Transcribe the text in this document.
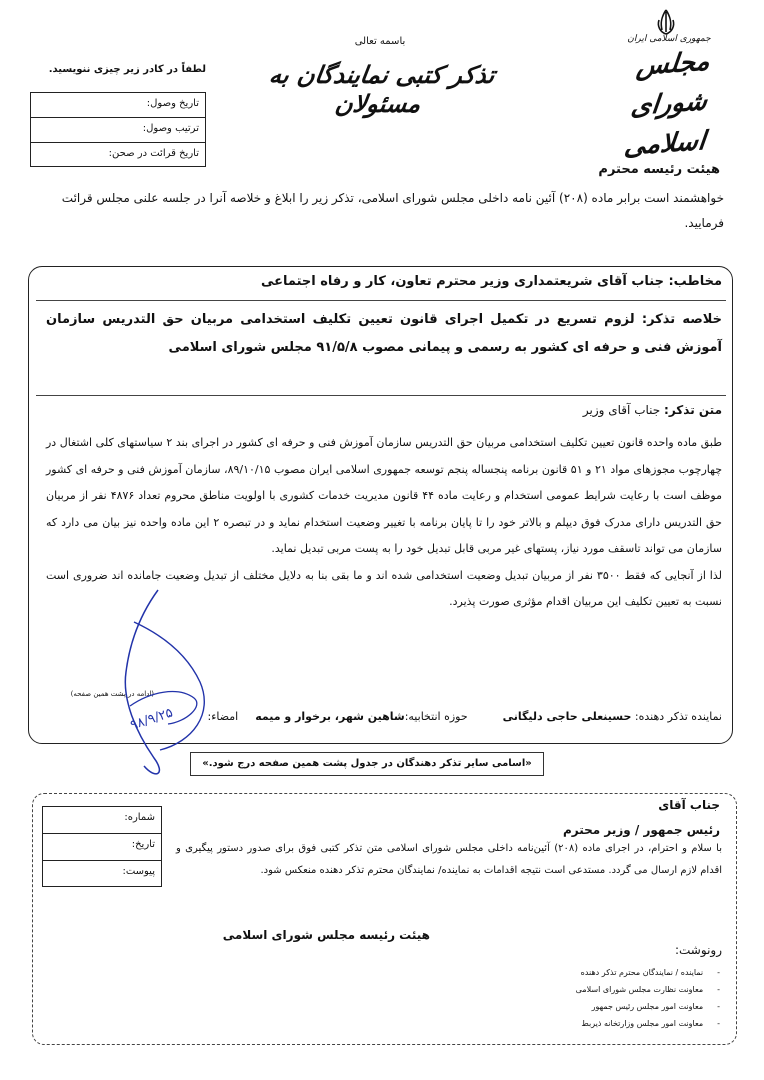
جمهوری اسلامی ایران
مجلس شورای اسلامی
باسمه تعالی
تذکر کتبی نمایندگان به مسئولان
لطفاً در کادر زیر چیزی ننویسید.
تاریخ وصول:
ترتیب وصول:
تاریخ قرائت در صحن:
هیئت رئیسه محترم
خواهشمند است برابر ماده (۲۰۸) آئین نامه داخلی مجلس شورای اسلامی، تذکر زیر را ابلاغ و خلاصه آنرا در جلسه علنی مجلس قرائت فرمایید.
مخاطب: جناب آقای شریعتمداری وزیر محترم تعاون، کار و رفاه اجتماعی
خلاصه تذکر: لزوم تسریع در تکمیل اجرای قانون تعیین تکلیف استخدامی مربیان حق التدریس سازمان آموزش فنی و حرفه ای کشور به رسمی و پیمانی مصوب ۹۱/۵/۸ مجلس شورای اسلامی
متن تذکر: جناب آقای وزیر
طبق ماده واحده قانون تعیین تکلیف استخدامی مربیان حق التدریس سازمان آموزش فنی و حرفه ای کشور در اجرای بند ۲ سیاستهای کلی اشتغال در چهارچوب مجوزهای مواد ۲۱ و ۵۱ قانون برنامه پنجساله پنجم توسعه جمهوری اسلامی ایران مصوب ۸۹/۱۰/۱۵، سازمان آموزش فنی و حرفه ای کشور موظف است با رعایت شرایط عمومی استخدام و رعایت ماده ۴۴ قانون مدیریت خدمات کشوری با اولویت مناطق محروم تعداد ۴۸۷۶ نفر از مربیان حق التدریس دارای مدرک فوق دیپلم و بالاتر خود را تا پایان برنامه با تغییر وضعیت استخدام نماید و در تبصره ۲ این ماده واحده نیز بیان می دارد که سازمان می تواند تاسقف مورد نیاز، پستهای غیر مربی قابل تبدیل خود را به پست مربی تبدیل نماید.
لذا از آنجایی که فقط ۳۵۰۰ نفر از مربیان تبدیل وضعیت استخدامی شده اند و ما بقی بنا به دلایل مختلف از تبدیل وضعیت جامانده اند ضروری است نسبت به تعیین تکلیف این مربیان اقدام مؤثری صورت پذیرد.
(ادامه در پشت همین صفحه)
نماینده تذکر دهنده: حسینعلی حاجی دلیگانی  حوزه انتخابیه:شاهین شهر، برخوار و میمه  امضاء:
«اسامی سایر تذکر دهندگان در جدول پشت همین صفحه درج شود.»
۹۸/۹/۲۵
شماره:
تاریخ:
پیوست:
جناب آقای
رئیس جمهور / وزیر محترم
با سلام و احترام، در اجرای ماده (۲۰۸) آئین‌نامه داخلی مجلس شورای اسلامی متن تذکر کتبی فوق برای صدور دستور پیگیری و اقدام لازم ارسال می گردد. مستدعی است نتیجه اقدامات به نماینده/ نمایندگان محترم تذکر دهنده منعکس شود.
هیئت رئیسه مجلس شورای اسلامی
رونوشت:
- نماینده / نمایندگان محترم تذکر دهنده
- معاونت نظارت مجلس شورای اسلامی
- معاونت امور مجلس رئیس جمهور
- معاونت امور مجلس وزارتخانه ذیربط
